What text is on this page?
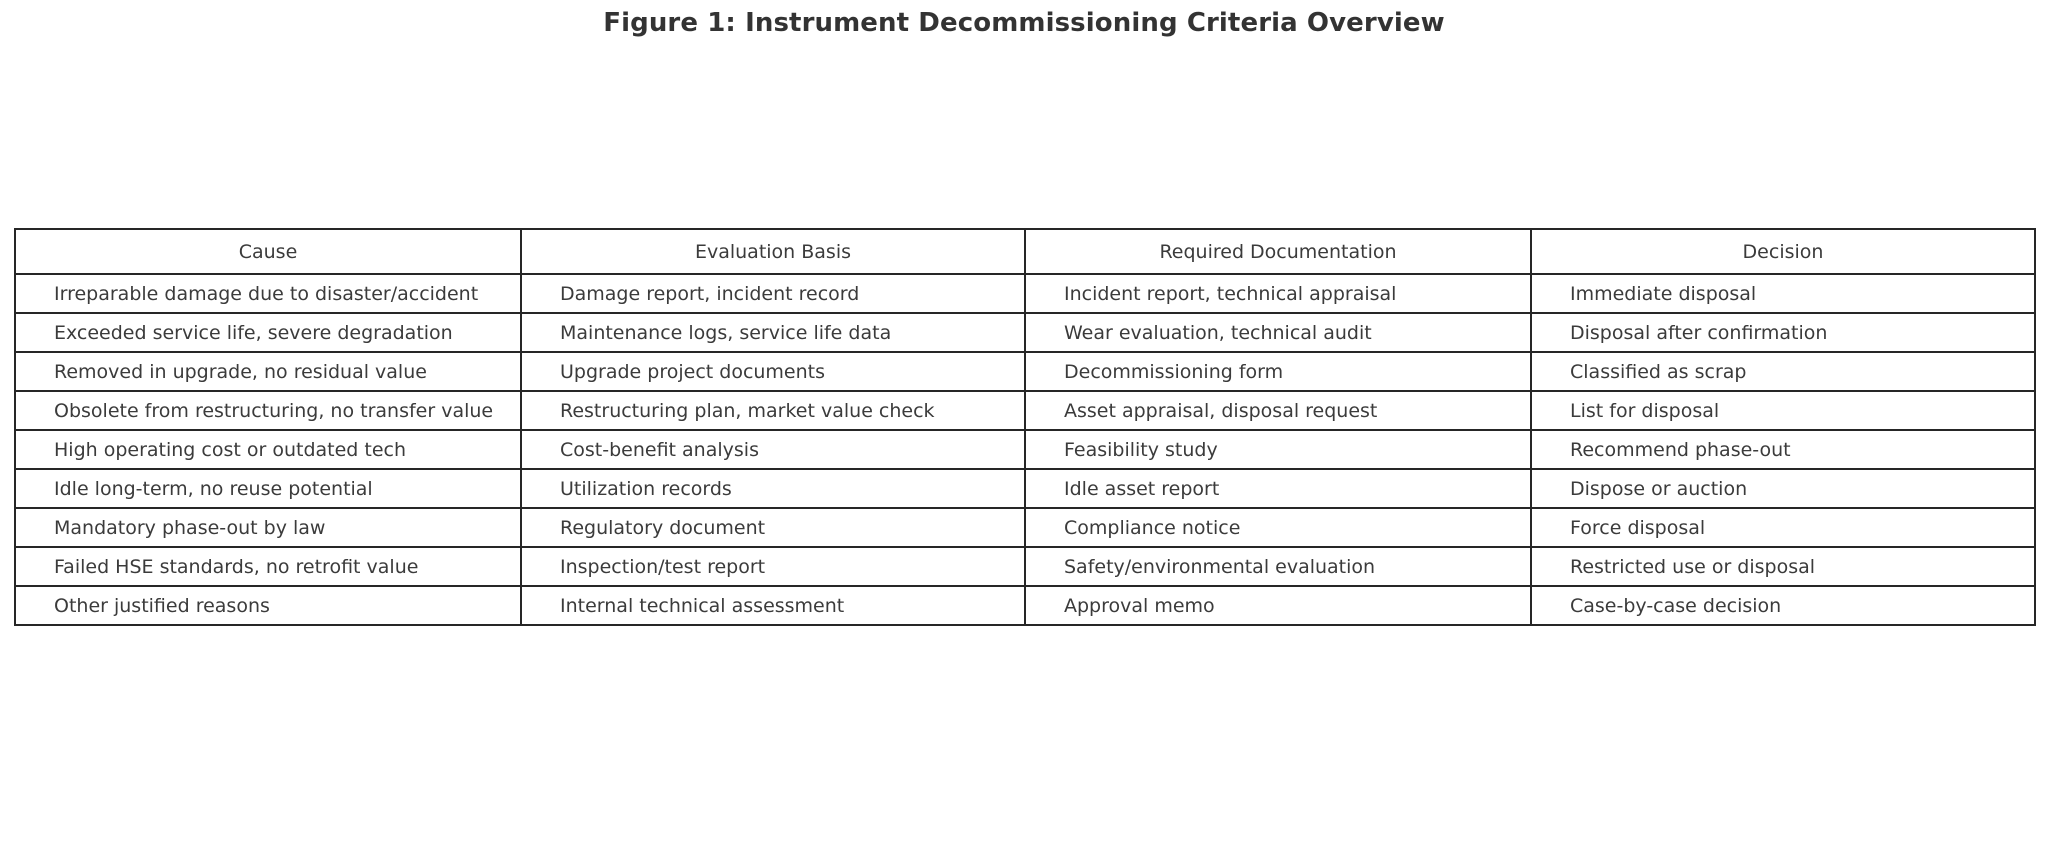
Figure 1: Instrument Decommissioning Criteria Overview
Cause	Evaluation Basis	Required Documentation	Decision

Irreparable damage due to disaster/accident	Damage report, incident record	Incident report, technical appraisal	Immediate disposal

Exceeded service life, severe degradation	Maintenance logs, service life data	Wear evaluation, technical audit	Disposal after confirmation

Removed in upgrade, no residual value	Upgrade project documents	Decommissioning form	Classified as scrap

Obsolete from restructuring, no transfer value	Restructuring plan, market value check	Asset appraisal, disposal request	List for disposal

High operating cost or outdated tech	Cost-benefit analysis	Feasibility study	Recommend phase-out

Idle long-term, no reuse potential	Utilization records	Idle asset report	Dispose or auction

Mandatory phase-out by law	Regulatory document	Compliance notice	Force disposal

Failed HSE standards, no retrofit value	Inspection/test report	Safety/environmental evaluation	Restricted use or disposal

Other justified reasons	Internal technical assessment	Approval memo	Case-by-case decision
